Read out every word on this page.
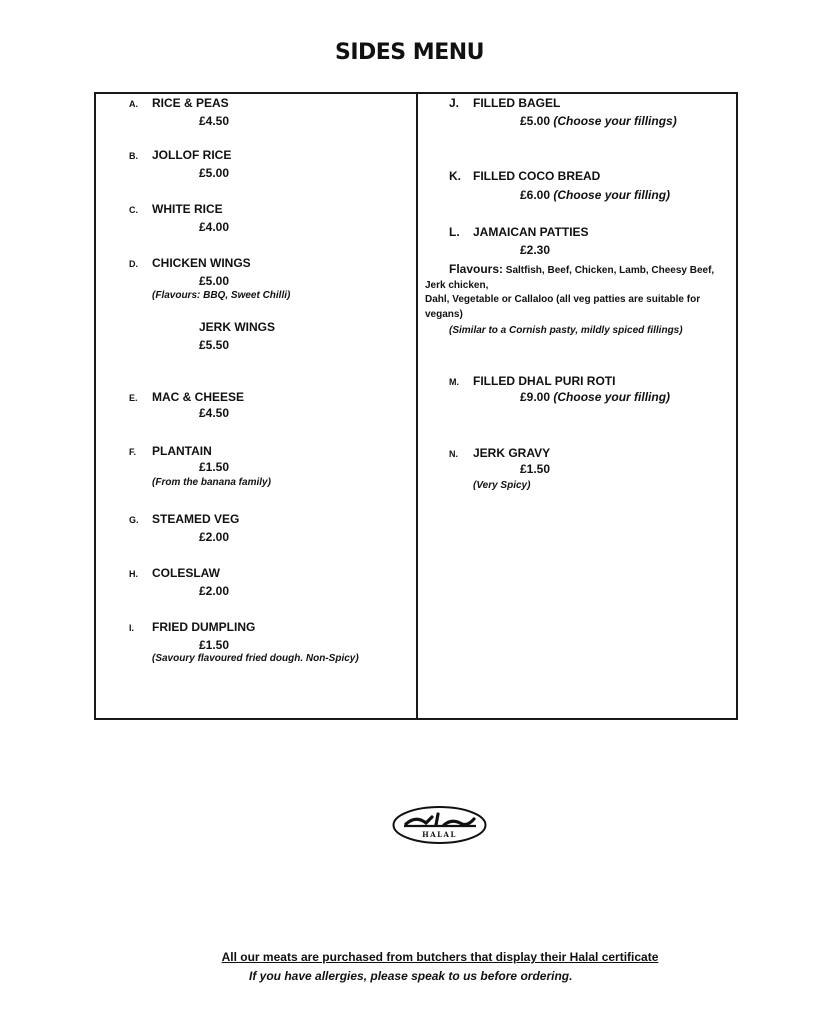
SIDES MENU
A. RICE & PEAS
£4.50
B. JOLLOF RICE
£5.00
C. WHITE RICE
£4.00
D. CHICKEN WINGS
£5.00
(Flavours: BBQ, Sweet Chilli)
JERK WINGS
£5.50
E. MAC & CHEESE
£4.50
F. PLANTAIN
£1.50
(From the banana family)
G. STEAMED VEG
£2.00
H. COLESLAW
£2.00
I. FRIED DUMPLING
£1.50
(Savoury flavoured fried dough. Non-Spicy)
J. FILLED BAGEL
£5.00 (Choose your fillings)
K. FILLED COCO BREAD
£6.00 (Choose your filling)
L. JAMAICAN PATTIES
£2.30
Flavours: Saltfish, Beef, Chicken, Lamb, Cheesy Beef,
Jerk chicken,
Dahl, Vegetable or Callaloo (all veg patties are suitable for
vegans)
(Similar to a Cornish pasty, mildly spiced fillings)
M. FILLED DHAL PURI ROTI
£9.00 (Choose your filling)
N. JERK GRAVY
£1.50
(Very Spicy)
HALAL
All our meats are purchased from butchers that display their Halal certificate
If you have allergies, please speak to us before ordering.
